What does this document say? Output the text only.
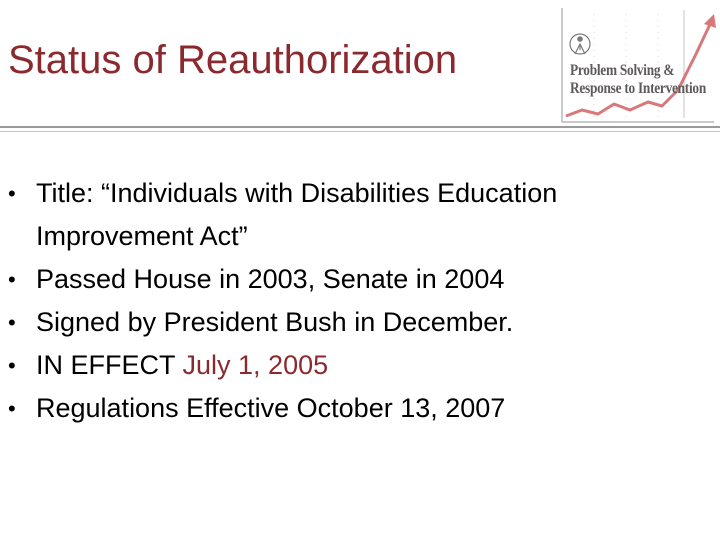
Status of Reauthorization	Problem Solving &
Response to Intervention
• Title: “Individuals with Disabilities Education
Improvement Act”
• Passed House in 2003, Senate in 2004
• Signed by President Bush in December.
• IN EFFECT July 1, 2005
• Regulations Effective October 13, 2007
